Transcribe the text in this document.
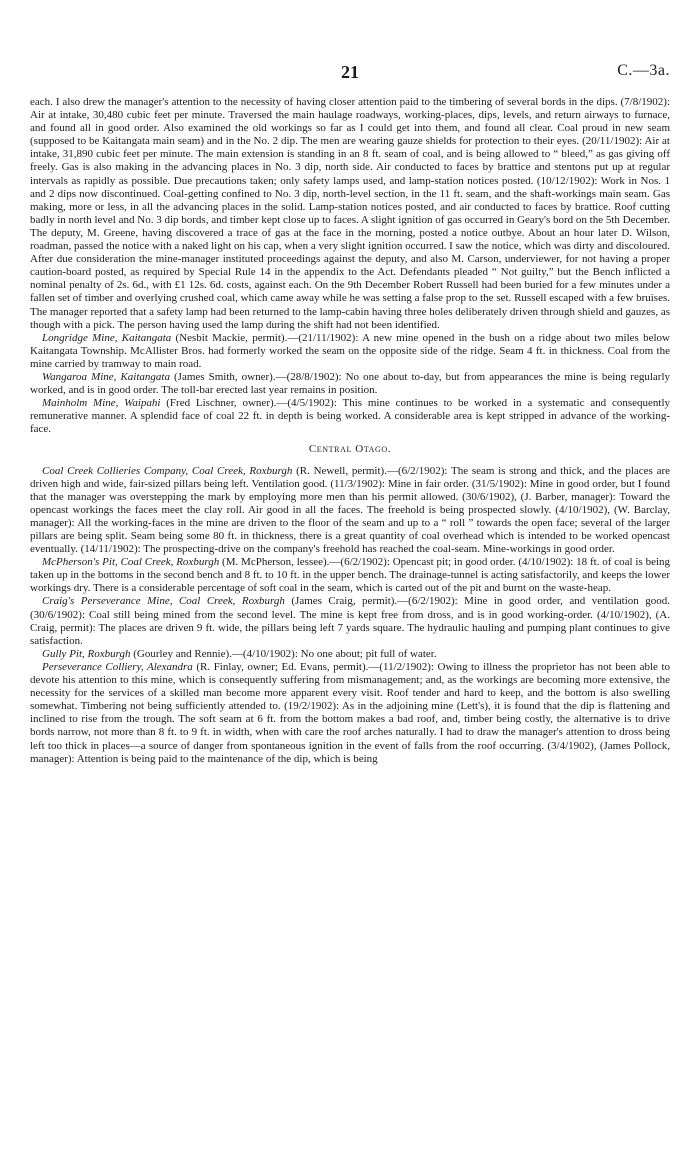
21	C.—3a.

each. I also drew the manager's attention to the necessity of having closer attention paid to the timbering of several bords in the dips. (7/8/1902): Air at intake, 30,480 cubic feet per minute. Traversed the main haulage roadways, working-places, dips, levels, and return airways to furnace, and found all in good order. Also examined the old workings so far as I could get into them, and found all clear. Coal proud in new seam (supposed to be Kaitangata main seam) and in the No. 2 dip. The men are wearing gauze shields for protection to their eyes. (20/11/1902): Air at intake, 31,890 cubic feet per minute. The main extension is standing in an 8 ft. seam of coal, and is being allowed to “ bleed,” as gas giving off freely. Gas is also making in the advancing places in No. 3 dip, north side. Air conducted to faces by brattice and stentons put up at regular intervals as rapidly as possible. Due precautions taken; only safety lamps used, and lamp-station notices posted. (10/12/1902): Work in Nos. 1 and 2 dips now discontinued. Coal-getting confined to No. 3 dip, north-level section, in the 11 ft. seam, and the shaft-workings main seam. Gas making, more or less, in all the advancing places in the solid. Lamp-station notices posted, and air conducted to faces by brattice. Roof cutting badly in north level and No. 3 dip bords, and timber kept close up to faces. A slight ignition of gas occurred in Geary's bord on the 5th December. The deputy, M. Greene, having discovered a trace of gas at the face in the morning, posted a notice outbye. About an hour later D. Wilson, roadman, passed the notice with a naked light on his cap, when a very slight ignition occurred. I saw the notice, which was dirty and discoloured. After due consideration the mine-manager instituted proceedings against the deputy, and also M. Carson, underviewer, for not having a proper caution-board posted, as required by Special Rule 14 in the appendix to the Act. Defendants pleaded “ Not guilty,” but the Bench inflicted a nominal penalty of 2s. 6d., with £1 12s. 6d. costs, against each. On the 9th December Robert Russell had been buried for a few minutes under a fallen set of timber and overlying crushed coal, which came away while he was setting a false prop to the set. Russell escaped with a few bruises. The manager reported that a safety lamp had been returned to the lamp-cabin having three holes deliberately driven through shield and gauzes, as though with a pick. The person having used the lamp during the shift had not been identified.

Longridge Mine, Kaitangata (Nesbit Mackie, permit).—(21/11/1902): A new mine opened in the bush on a ridge about two miles below Kaitangata Township. McAllister Bros. had formerly worked the seam on the opposite side of the ridge. Seam 4 ft. in thickness. Coal from the mine carried by tramway to main road.

Wangaroa Mine, Kaitangata (James Smith, owner).—(28/8/1902): No one about to-day, but from appearances the mine is being regularly worked, and is in good order. The toll-bar erected last year remains in position.

Mainholm Mine, Waipahi (Fred Lischner, owner).—(4/5/1902): This mine continues to be worked in a systematic and consequently remunerative manner. A splendid face of coal 22 ft. in depth is being worked. A considerable area is kept stripped in advance of the working-face.

Central Otago.

Coal Creek Collieries Company, Coal Creek, Roxburgh (R. Newell, permit).—(6/2/1902): The seam is strong and thick, and the places are driven high and wide, fair-sized pillars being left. Ventilation good. (11/3/1902): Mine in fair order. (31/5/1902): Mine in good order, but I found that the manager was overstepping the mark by employing more men than his permit allowed. (30/6/1902), (J. Barber, manager): Toward the opencast workings the faces meet the clay roll. Air good in all the faces. The freehold is being prospected slowly. (4/10/1902), (W. Barclay, manager): All the working-faces in the mine are driven to the floor of the seam and up to a “ roll ” towards the open face; several of the larger pillars are being split. Seam being some 80 ft. in thickness, there is a great quantity of coal overhead which is intended to be worked opencast eventually. (14/11/1902): The prospecting-drive on the company's freehold has reached the coal-seam. Mine-workings in good order.

McPherson's Pit, Coal Creek, Roxburgh (M. McPherson, lessee).—(6/2/1902): Opencast pit; in good order. (4/10/1902): 18 ft. of coal is being taken up in the bottoms in the second bench and 8 ft. to 10 ft. in the upper bench. The drainage-tunnel is acting satisfactorily, and keeps the lower workings dry. There is a considerable percentage of soft coal in the seam, which is carted out of the pit and burnt on the waste-heap.

Craig's Perseverance Mine, Coal Creek, Roxburgh (James Craig, permit).—(6/2/1902): Mine in good order, and ventilation good. (30/6/1902): Coal still being mined from the second level. The mine is kept free from dross, and is in good working-order. (4/10/1902), (A. Craig, permit): The places are driven 9 ft. wide, the pillars being left 7 yards square. The hydraulic hauling and pumping plant continues to give satisfaction.

Gully Pit, Roxburgh (Gourley and Rennie).—(4/10/1902): No one about; pit full of water.

Perseverance Colliery, Alexandra (R. Finlay, owner; Ed. Evans, permit).—(11/2/1902): Owing to illness the proprietor has not been able to devote his attention to this mine, which is consequently suffering from mismanagement; and, as the workings are becoming more extensive, the necessity for the services of a skilled man become more apparent every visit. Roof tender and hard to keep, and the bottom is also swelling somewhat. Timbering not being sufficiently attended to. (19/2/1902): As in the adjoining mine (Lett's), it is found that the dip is flattening and inclined to rise from the trough. The soft seam at 6 ft. from the bottom makes a bad roof, and, timber being costly, the alternative is to drive bords narrow, not more than 8 ft. to 9 ft. in width, when with care the roof arches naturally. I had to draw the manager's attention to dross being left too thick in places—a source of danger from spontaneous ignition in the event of falls from the roof occurring. (3/4/1902), (James Pollock, manager): Attention is being paid to the maintenance of the dip, which is being
